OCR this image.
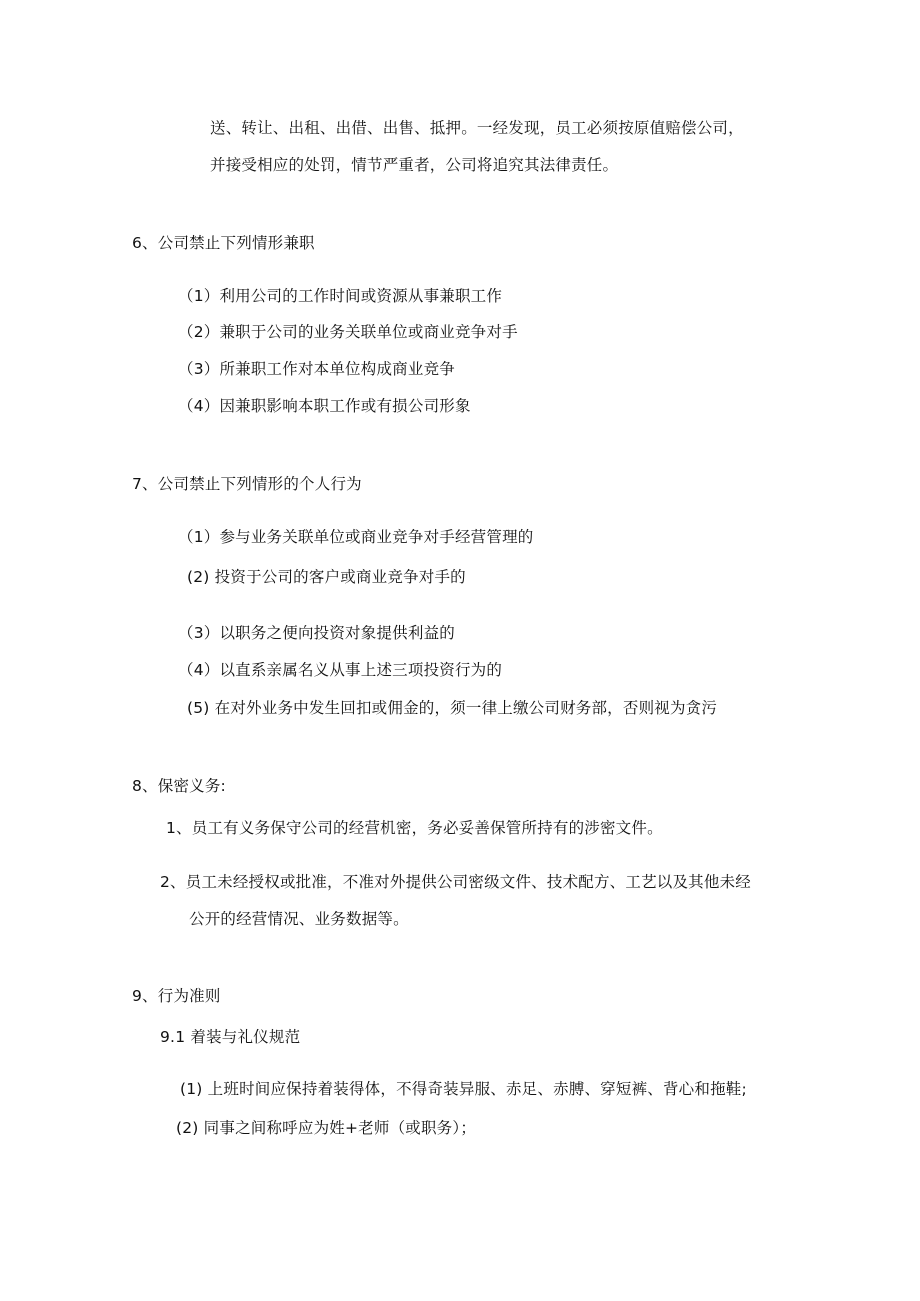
送、转让、出租、出借、出售、抵押。一经发现，员工必须按原值赔偿公司，
并接受相应的处罚，情节严重者，公司将追究其法律责任。
6、公司禁止下列情形兼职
（1）利用公司的工作时间或资源从事兼职工作
（2）兼职于公司的业务关联单位或商业竞争对手
（3）所兼职工作对本单位构成商业竞争
（4）因兼职影响本职工作或有损公司形象
7、公司禁止下列情形的个人行为
（1）参与业务关联单位或商业竞争对手经营管理的
(2) 投资于公司的客户或商业竞争对手的
（3）以职务之便向投资对象提供利益的
（4）以直系亲属名义从事上述三项投资行为的
(5) 在对外业务中发生回扣或佣金的，须一律上缴公司财务部，否则视为贪污
8、保密义务:
1、员工有义务保守公司的经营机密，务必妥善保管所持有的涉密文件。
2、员工未经授权或批准，不准对外提供公司密级文件、技术配方、工艺以及其他未经
公开的经营情况、业务数据等。
9、行为准则
9.1 着装与礼仪规范
(1) 上班时间应保持着装得体，不得奇装异服、赤足、赤膊、穿短裤、背心和拖鞋;
(2) 同事之间称呼应为姓+老师（或职务）；
